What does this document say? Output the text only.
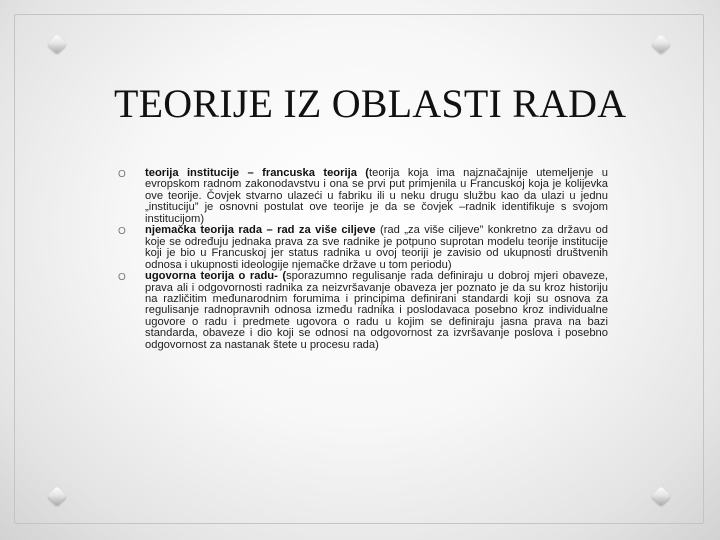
TEORIJE IZ OBLASTI RADA
O teorija institucije – francuska teorija (teorija koja ima najznačajnije utemeljenje u evropskom radnom zakonodavstvu i ona se prvi put primjenila u Francuskoj koja je kolijevka ove teorije. Čovjek stvarno ulazeći u fabriku ili u neku drugu službu kao da ulazi u jednu „instituciju” je osnovni postulat ove teorije je da se čovjek –radnik identifikuje s svojom institucijom)
O njemačka teorija rada – rad za više ciljeve (rad „za više ciljeve” konkretno za državu od koje se određuju jednaka prava za sve radnike je potpuno suprotan modelu teorije institucije koji je bio u Francuskoj jer status radnika u ovoj teoriji je zavisio od ukupnosti društvenih odnosa i ukupnosti ideologije njemačke države u tom periodu)
O ugovorna teorija o radu- (sporazumno regulisanje rada definiraju u dobroj mjeri obaveze, prava ali i odgovornosti radnika za neizvršavanje obaveza jer poznato je da su kroz historiju na različitim međunarodnim forumima i principima definirani standardi koji su osnova za regulisanje radnopravnih odnosa između radnika i poslodavaca posebno kroz individualne ugovore o radu i predmete ugovora o radu u kojim se definiraju jasna prava na bazi standarda, obaveze i dio koji se odnosi na odgovornost za izvršavanje poslova i posebno odgovornost za nastanak štete u procesu rada)
